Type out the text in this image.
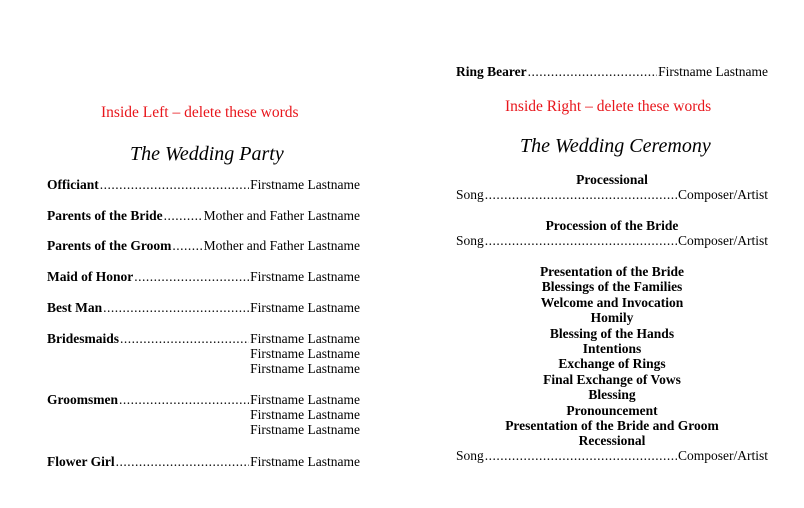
Inside Left – delete these words
The Wedding Party
Officiant .....	Firstname Lastname
Parents of the Bride .....	Mother and Father Lastname
Parents of the Groom ..... Mother and Father Lastname
Maid of Honor .....	Firstname Lastname
Best Man .....	Firstname Lastname
Bridesmaids .....	Firstname Lastname
Firstname Lastname
Firstname Lastname
Groomsmen .....	Firstname Lastname
Firstname Lastname
Firstname Lastname
Flower Girl .....	Firstname Lastname
Ring Bearer .....	Firstname Lastname
Inside Right – delete these words
The Wedding Ceremony
Processional
Song .....	Composer/Artist
Procession of the Bride
Song .....	Composer/Artist
Presentation of the Bride
Blessings of the Families
Welcome and Invocation
Homily
Blessing of the Hands
Intentions
Exchange of Rings
Final Exchange of Vows
Blessing
Pronouncement
Presentation of the Bride and Groom
Recessional
Song .....	Composer/Artist
